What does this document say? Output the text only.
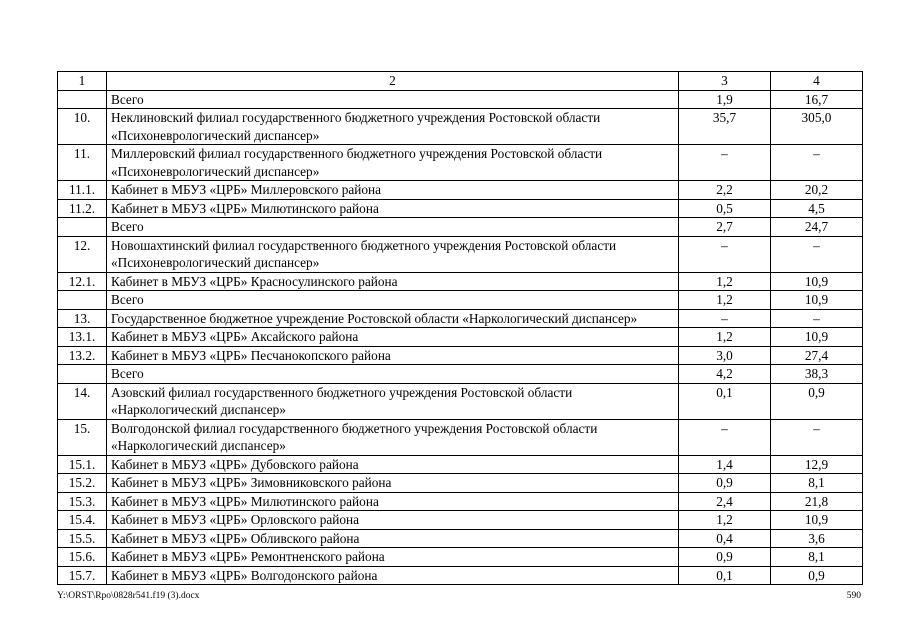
1	2	3	4
	Всего	1,9	16,7
10.	Неклиновский филиал государственного бюджетного учреждения Ростовской области «Психоневрологический диспансер»	35,7	305,0
11.	Миллеровский филиал государственного бюджетного учреждения Ростовской области «Психоневрологический диспансер»	–	–
11.1.	Кабинет в МБУЗ «ЦРБ» Миллеровского района	2,2	20,2
11.2.	Кабинет в МБУЗ «ЦРБ» Милютинского района	0,5	4,5
	Всего	2,7	24,7
12.	Новошахтинский филиал государственного бюджетного учреждения Ростовской области «Психоневрологический диспансер»	–	–
12.1.	Кабинет в МБУЗ «ЦРБ» Красносулинского района	1,2	10,9
	Всего	1,2	10,9
13.	Государственное бюджетное учреждение Ростовской области «Наркологический диспансер»	–	–
13.1.	Кабинет в МБУЗ «ЦРБ» Аксайского района	1,2	10,9
13.2.	Кабинет в МБУЗ «ЦРБ» Песчанокопского района	3,0	27,4
	Всего	4,2	38,3
14.	Азовский филиал государственного бюджетного учреждения Ростовской области «Наркологический диспансер»	0,1	0,9
15.	Волгодонской филиал государственного бюджетного учреждения Ростовской области «Наркологический диспансер»	–	–
15.1.	Кабинет в МБУЗ «ЦРБ» Дубовского района	1,4	12,9
15.2.	Кабинет в МБУЗ «ЦРБ» Зимовниковского района	0,9	8,1
15.3.	Кабинет в МБУЗ «ЦРБ» Милютинского района	2,4	21,8
15.4.	Кабинет в МБУЗ «ЦРБ» Орловского района	1,2	10,9
15.5.	Кабинет в МБУЗ «ЦРБ» Обливского района	0,4	3,6
15.6.	Кабинет в МБУЗ «ЦРБ» Ремонтненского района	0,9	8,1
15.7.	Кабинет в МБУЗ «ЦРБ» Волгодонского района	0,1	0,9
Y:\ORST\Rpo\0828r541.f19 (3).docx	590
